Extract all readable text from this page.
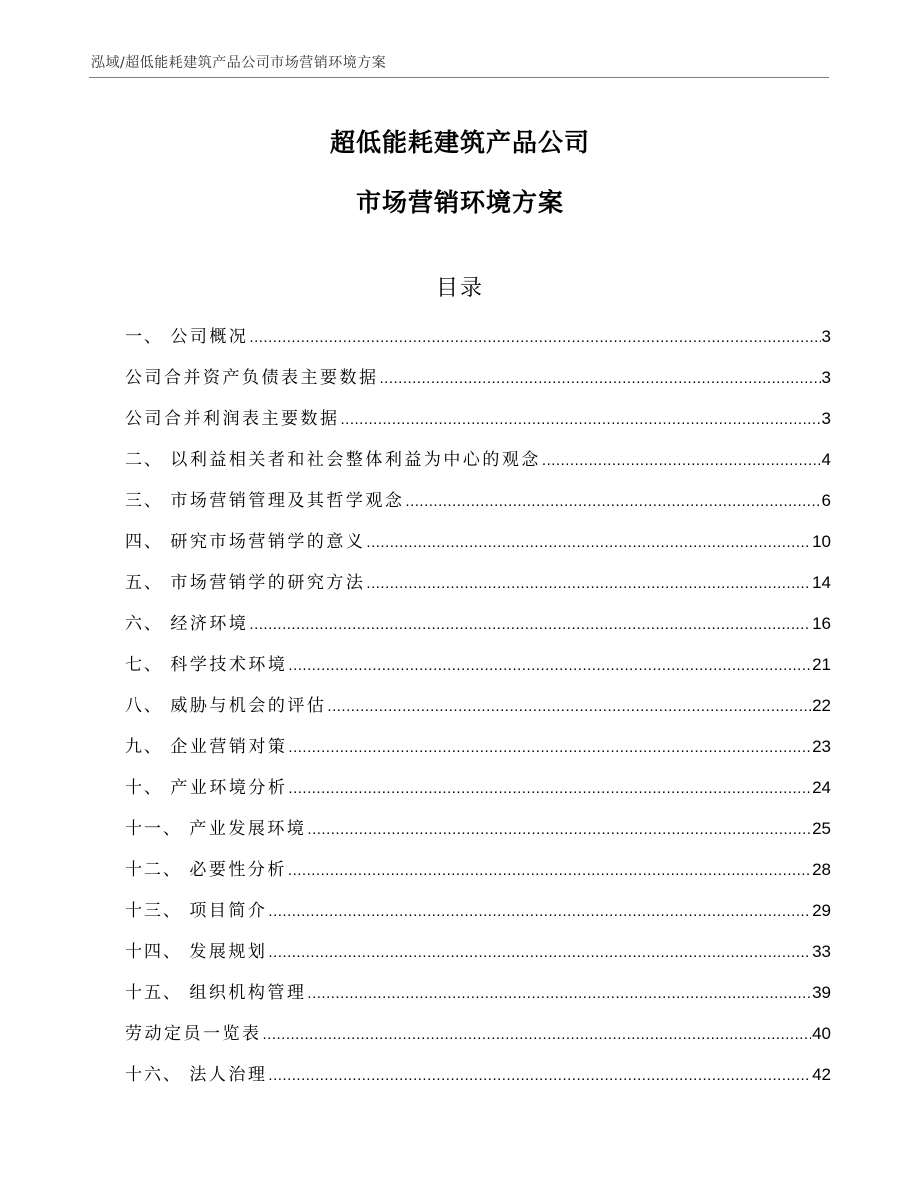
泓域/超低能耗建筑产品公司市场营销环境方案
超低能耗建筑产品公司
市场营销环境方案
目录
一、 公司概况 .....	3
公司合并资产负债表主要数据 .....	3
公司合并利润表主要数据 .....	3
二、 以利益相关者和社会整体利益为中心的观念 .....	4
三、 市场营销管理及其哲学观念 .....	6
四、 研究市场营销学的意义 .....	10
五、 市场营销学的研究方法 .....	14
六、 经济环境 .....	16
七、 科学技术环境 .....	21
八、 威胁与机会的评估 .....	22
九、 企业营销对策 .....	23
十、 产业环境分析 .....	24
十一、 产业发展环境 .....	25
十二、 必要性分析 .....	28
十三、 项目简介 .....	29
十四、 发展规划 .....	33
十五、 组织机构管理 .....	39
劳动定员一览表 .....	40
十六、 法人治理 .....	42
